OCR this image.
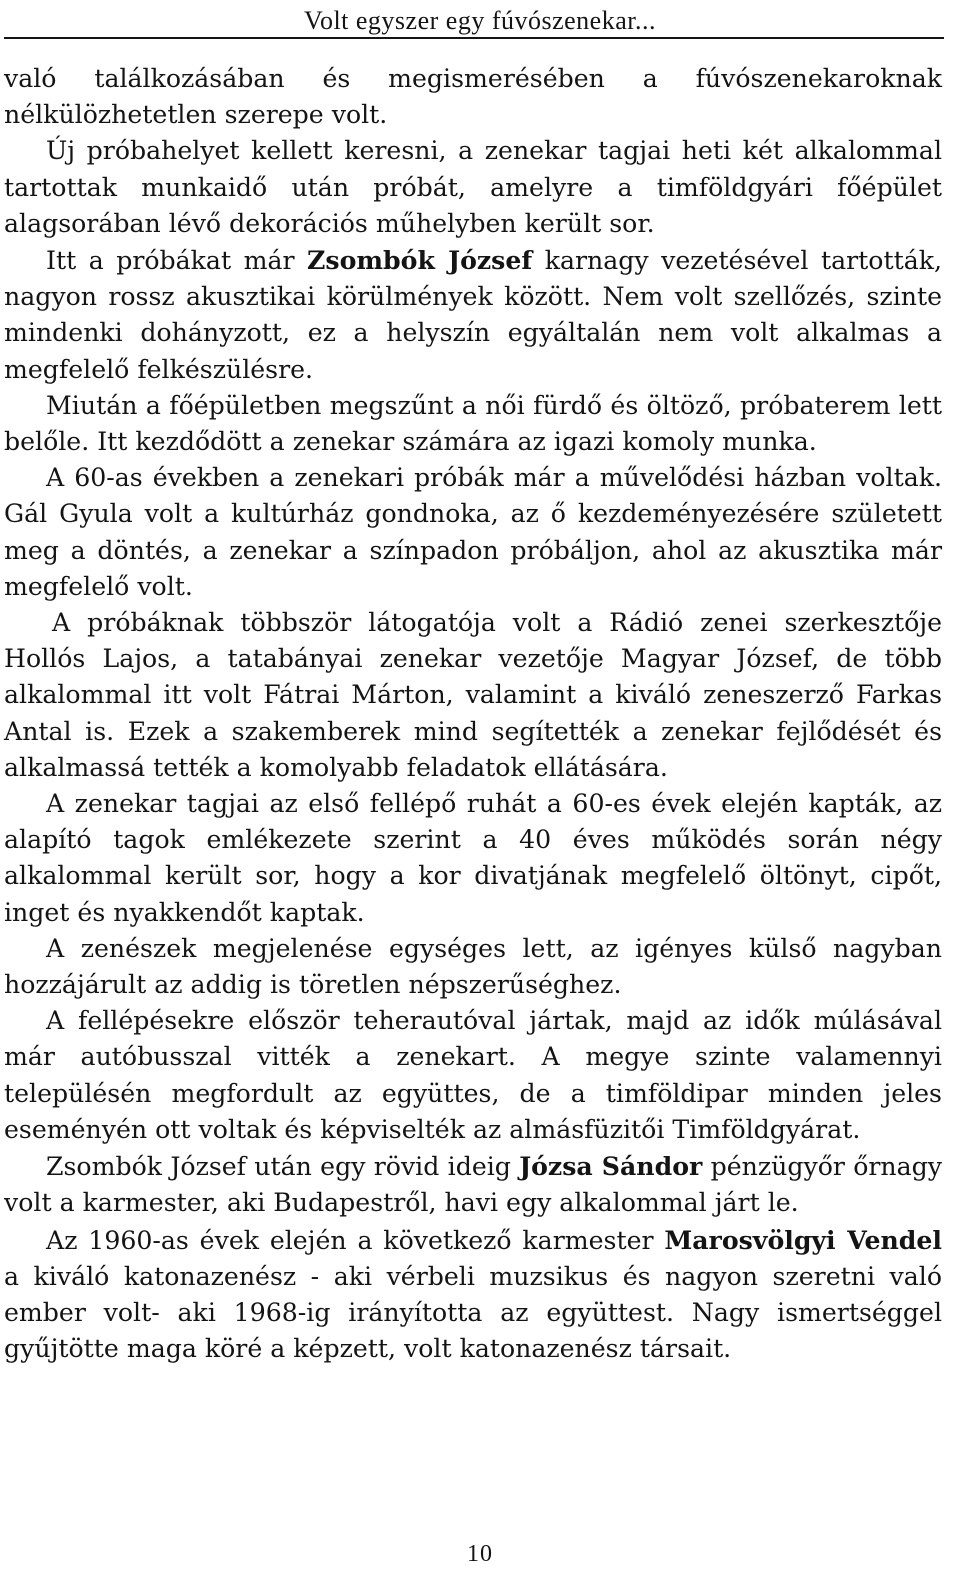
Volt egyszer egy fúvószenekar...

való találkozásában és megismerésében a fúvószenekaroknak nélkülözhetetlen szerepe volt.

Új próbahelyet kellett keresni, a zenekar tagjai heti két alkalommal tartottak munkaidő után próbát, amelyre a timföldgyári főépület alagsorában lévő dekorációs műhelyben került sor.

Itt a próbákat már Zsombók József karnagy vezetésével tartották, nagyon rossz akusztikai körülmények között. Nem volt szellőzés, szinte mindenki dohányzott, ez a helyszín egyáltalán nem volt alkalmas a megfelelő felkészülésre.

Miután a főépületben megszűnt a női fürdő és öltöző, próbaterem lett belőle. Itt kezdődött a zenekar számára az igazi komoly munka.

A 60-as években a zenekari próbák már a művelődési házban voltak. Gál Gyula volt a kultúrház gondnoka, az ő kezdeményezésére született meg a döntés, a zenekar a színpadon próbáljon, ahol az akusztika már megfelelő volt.

A próbáknak többször látogatója volt a Rádió zenei szerkesztője Hollós Lajos, a tatabányai zenekar vezetője Magyar József, de több alkalommal itt volt Fátrai Márton, valamint a kiváló zeneszerző Farkas Antal is. Ezek a szakemberek mind segítették a zenekar fejlődését és alkalmassá tették a komolyabb feladatok ellátására.

A zenekar tagjai az első fellépő ruhát a 60-es évek elején kapták, az alapító tagok emlékezete szerint a 40 éves működés során négy alkalommal került sor, hogy a kor divatjának megfelelő öltönyt, cipőt, inget és nyakkendőt kaptak.

A zenészek megjelenése egységes lett, az igényes külső nagyban hozzájárult az addig is töretlen népszerűséghez.

A fellépésekre először teherautóval jártak, majd az idők múlásával már autóbusszal vitték a zenekart. A megye szinte valamennyi településén megfordult az együttes, de a timföldipar minden jeles eseményén ott voltak és képviselték az almásfüzitői Timföldgyárat.

Zsombók József után egy rövid ideig Józsa Sándor pénzügyőr őrnagy volt a karmester, aki Budapestről, havi egy alkalommal járt le.

Az 1960-as évek elején a következő karmester Marosvölgyi Vendel a kiváló katonazenész - aki vérbeli muzsikus és nagyon szeretni való ember volt- aki 1968-ig irányította az együttest. Nagy ismertséggel gyűjtötte maga köré a képzett, volt katonazenész társait.

10
